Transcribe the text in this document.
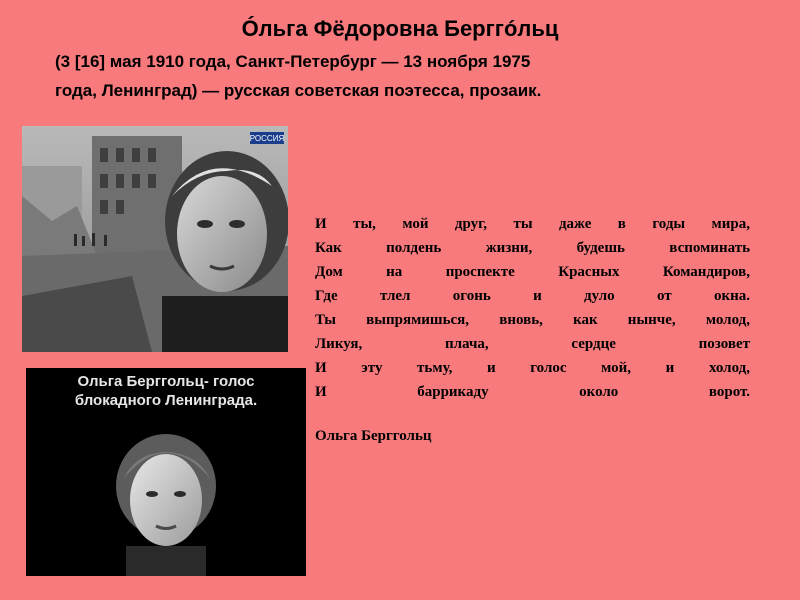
Óльга Фёдоровна Берггóльц
(3 [16] мая 1910 года, Санкт-Петербург — 13 ноября 1975
года, Ленинград) — русская советская поэтесса, прозаик.
РОССИЯ
Ольга Берггольц- голос
блокадного Ленинграда.
И ты, мой друг, ты даже в годы мира,
Как полдень жизни, будешь вспоминать
Дом на проспекте Красных Командиров,
Где тлел огонь и дуло от окна.
Ты выпрямишься, вновь, как нынче, молод,
Ликуя, плача, сердце позовет
И эту тьму, и голос мой, и холод,
И баррикаду около ворот.
Ольга Берггольц
